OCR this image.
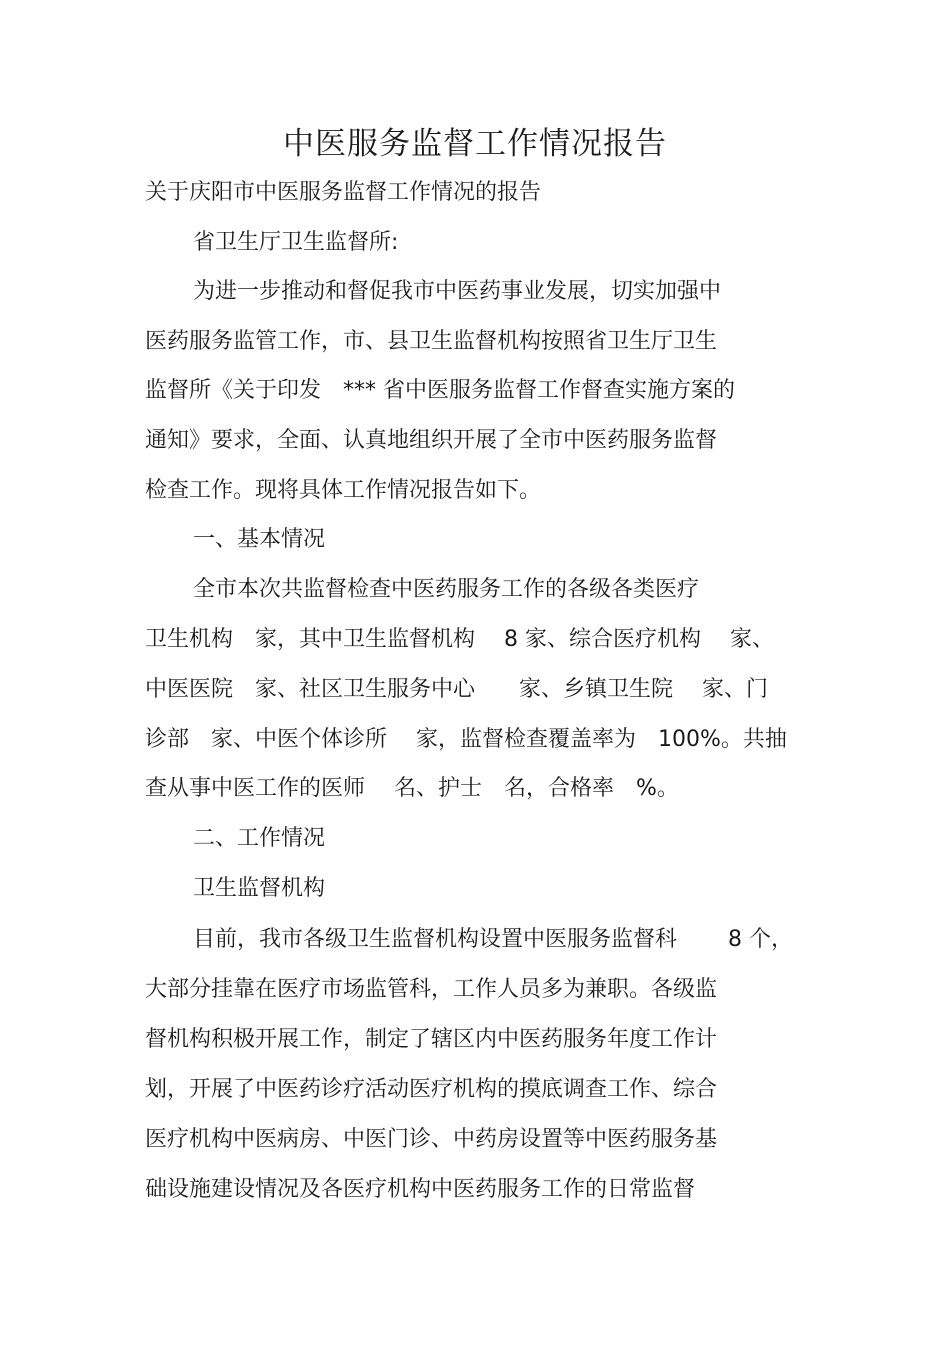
中医服务监督工作情况报告
关于庆阳市中医服务监督工作情况的报告
省卫生厅卫生监督所:
为进一步推动和督促我市中医药事业发展，切实加强中
医药服务监管工作，市、县卫生监督机构按照省卫生厅卫生
监督所《关于印发　*** 省中医服务监督工作督查实施方案的
通知》要求，全面、认真地组织开展了全市中医药服务监督
检查工作。现将具体工作情况报告如下。
一、基本情况
全市本次共监督检查中医药服务工作的各级各类医疗
卫生机构　家，其中卫生监督机构　 8 家、综合医疗机构　 家、
中医医院　家、社区卫生服务中心　　家、乡镇卫生院　 家、门
诊部　家、中医个体诊所　 家，监督检查覆盖率为　100%。共抽
查从事中医工作的医师　 名、护士　名，合格率　%。
二、工作情况
卫生监督机构
目前，我市各级卫生监督机构设置中医服务监督科　　 8 个，
大部分挂靠在医疗市场监管科，工作人员多为兼职。各级监
督机构积极开展工作，制定了辖区内中医药服务年度工作计
划，开展了中医药诊疗活动医疗机构的摸底调查工作、综合
医疗机构中医病房、中医门诊、中药房设置等中医药服务基
础设施建设情况及各医疗机构中医药服务工作的日常监督
